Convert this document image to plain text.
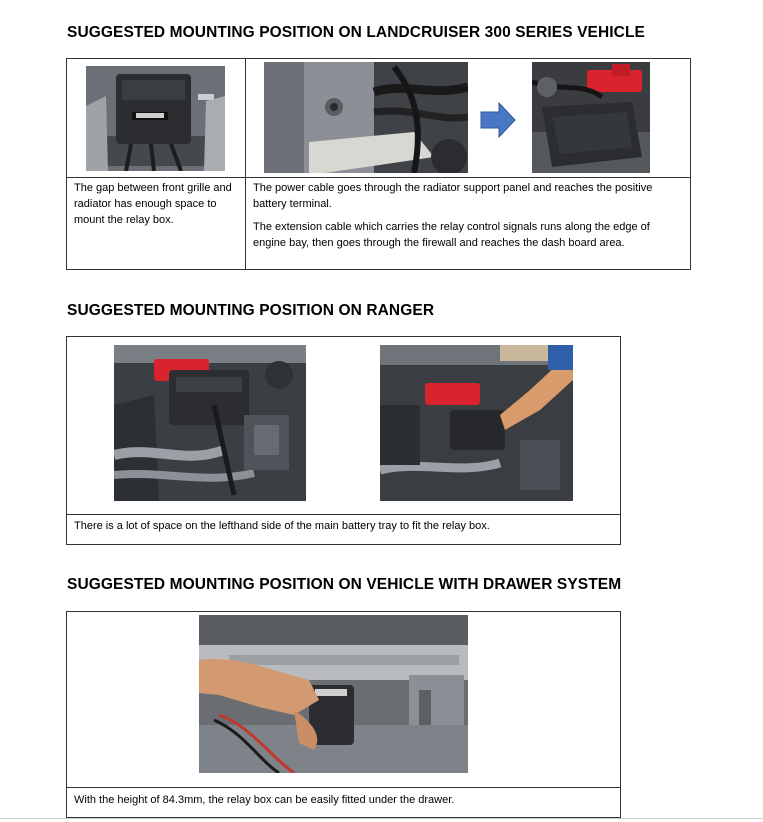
SUGGESTED MOUNTING POSITION ON LANDCRUISER 300 SERIES VEHICLE

The gap between front grille and radiator has enough space to mount the relay box.	The power cable goes through the radiator support panel and reaches the positive battery terminal.

The extension cable which carries the relay control signals runs along the edge of engine bay, then goes through the firewall and reaches the dash board area.

SUGGESTED MOUNTING POSITION ON RANGER

There is a lot of space on the lefthand side of the main battery tray to fit the relay box.

SUGGESTED MOUNTING POSITION ON VEHICLE WITH DRAWER SYSTEM

With the height of 84.3mm, the relay box can be easily fitted under the drawer.
